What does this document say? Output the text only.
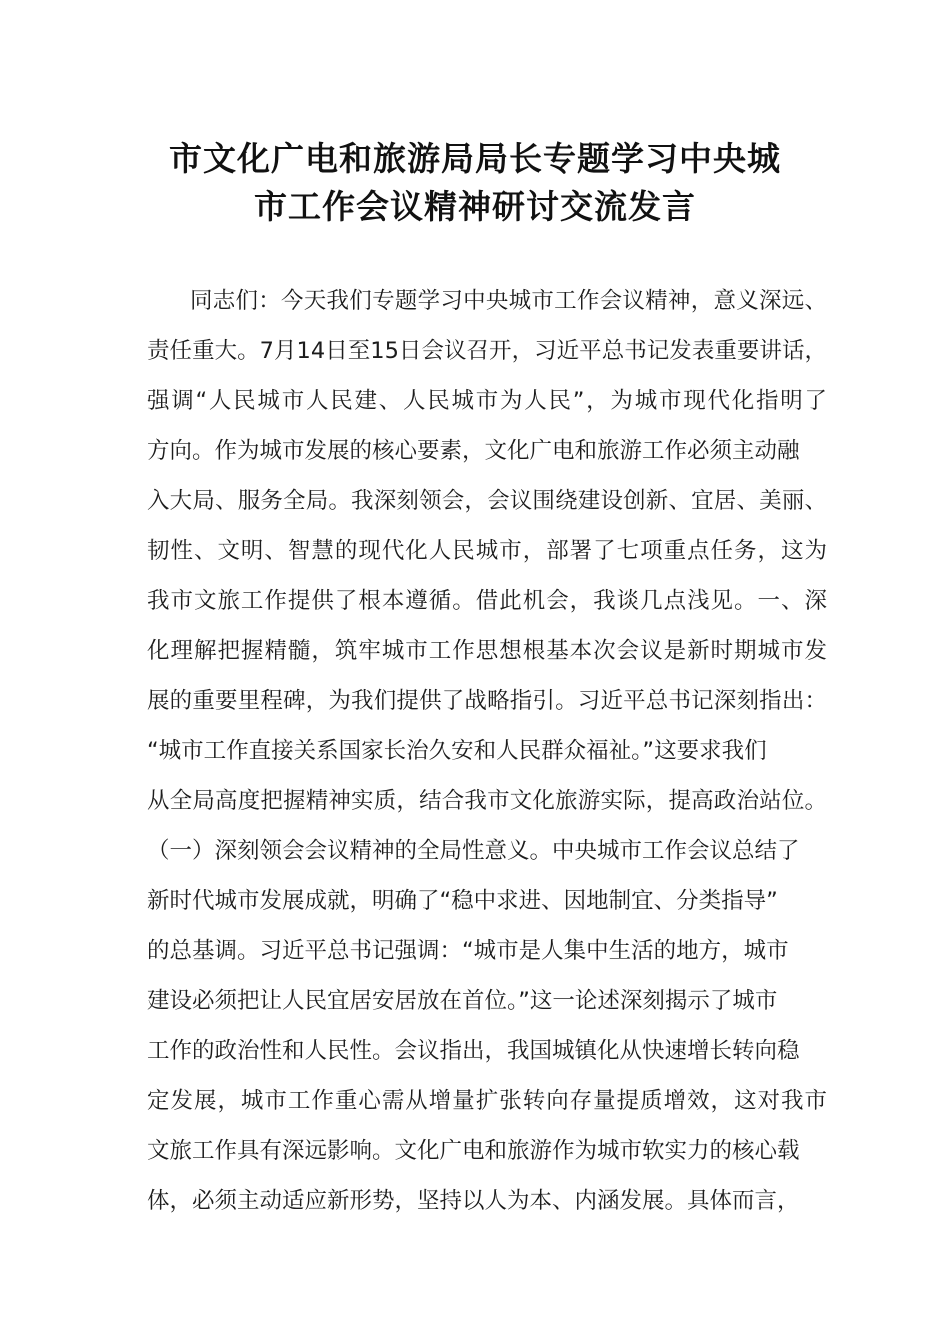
市文化广电和旅游局局长专题学习中央城
市工作会议精神研讨交流发言
同志们：今天我们专题学习中央城市工作会议精神，意义深远、
责任重大。7月14日至15日会议召开，习近平总书记发表重要讲话，
强调“人民城市人民建、人民城市为人民”，为城市现代化指明了
方向。作为城市发展的核心要素，文化广电和旅游工作必须主动融
入大局、服务全局。我深刻领会，会议围绕建设创新、宜居、美丽、
韧性、文明、智慧的现代化人民城市，部署了七项重点任务，这为
我市文旅工作提供了根本遵循。借此机会，我谈几点浅见。一、深
化理解把握精髓，筑牢城市工作思想根基本次会议是新时期城市发
展的重要里程碑，为我们提供了战略指引。习近平总书记深刻指出：
“城市工作直接关系国家长治久安和人民群众福祉。”这要求我们
从全局高度把握精神实质，结合我市文化旅游实际，提高政治站位。
（一）深刻领会会议精神的全局性意义。中央城市工作会议总结了
新时代城市发展成就，明确了“稳中求进、因地制宜、分类指导”
的总基调。习近平总书记强调：“城市是人集中生活的地方，城市
建设必须把让人民宜居安居放在首位。”这一论述深刻揭示了城市
工作的政治性和人民性。会议指出，我国城镇化从快速增长转向稳
定发展，城市工作重心需从增量扩张转向存量提质增效，这对我市
文旅工作具有深远影响。文化广电和旅游作为城市软实力的核心载
体，必须主动适应新形势，坚持以人为本、内涵发展。具体而言，
